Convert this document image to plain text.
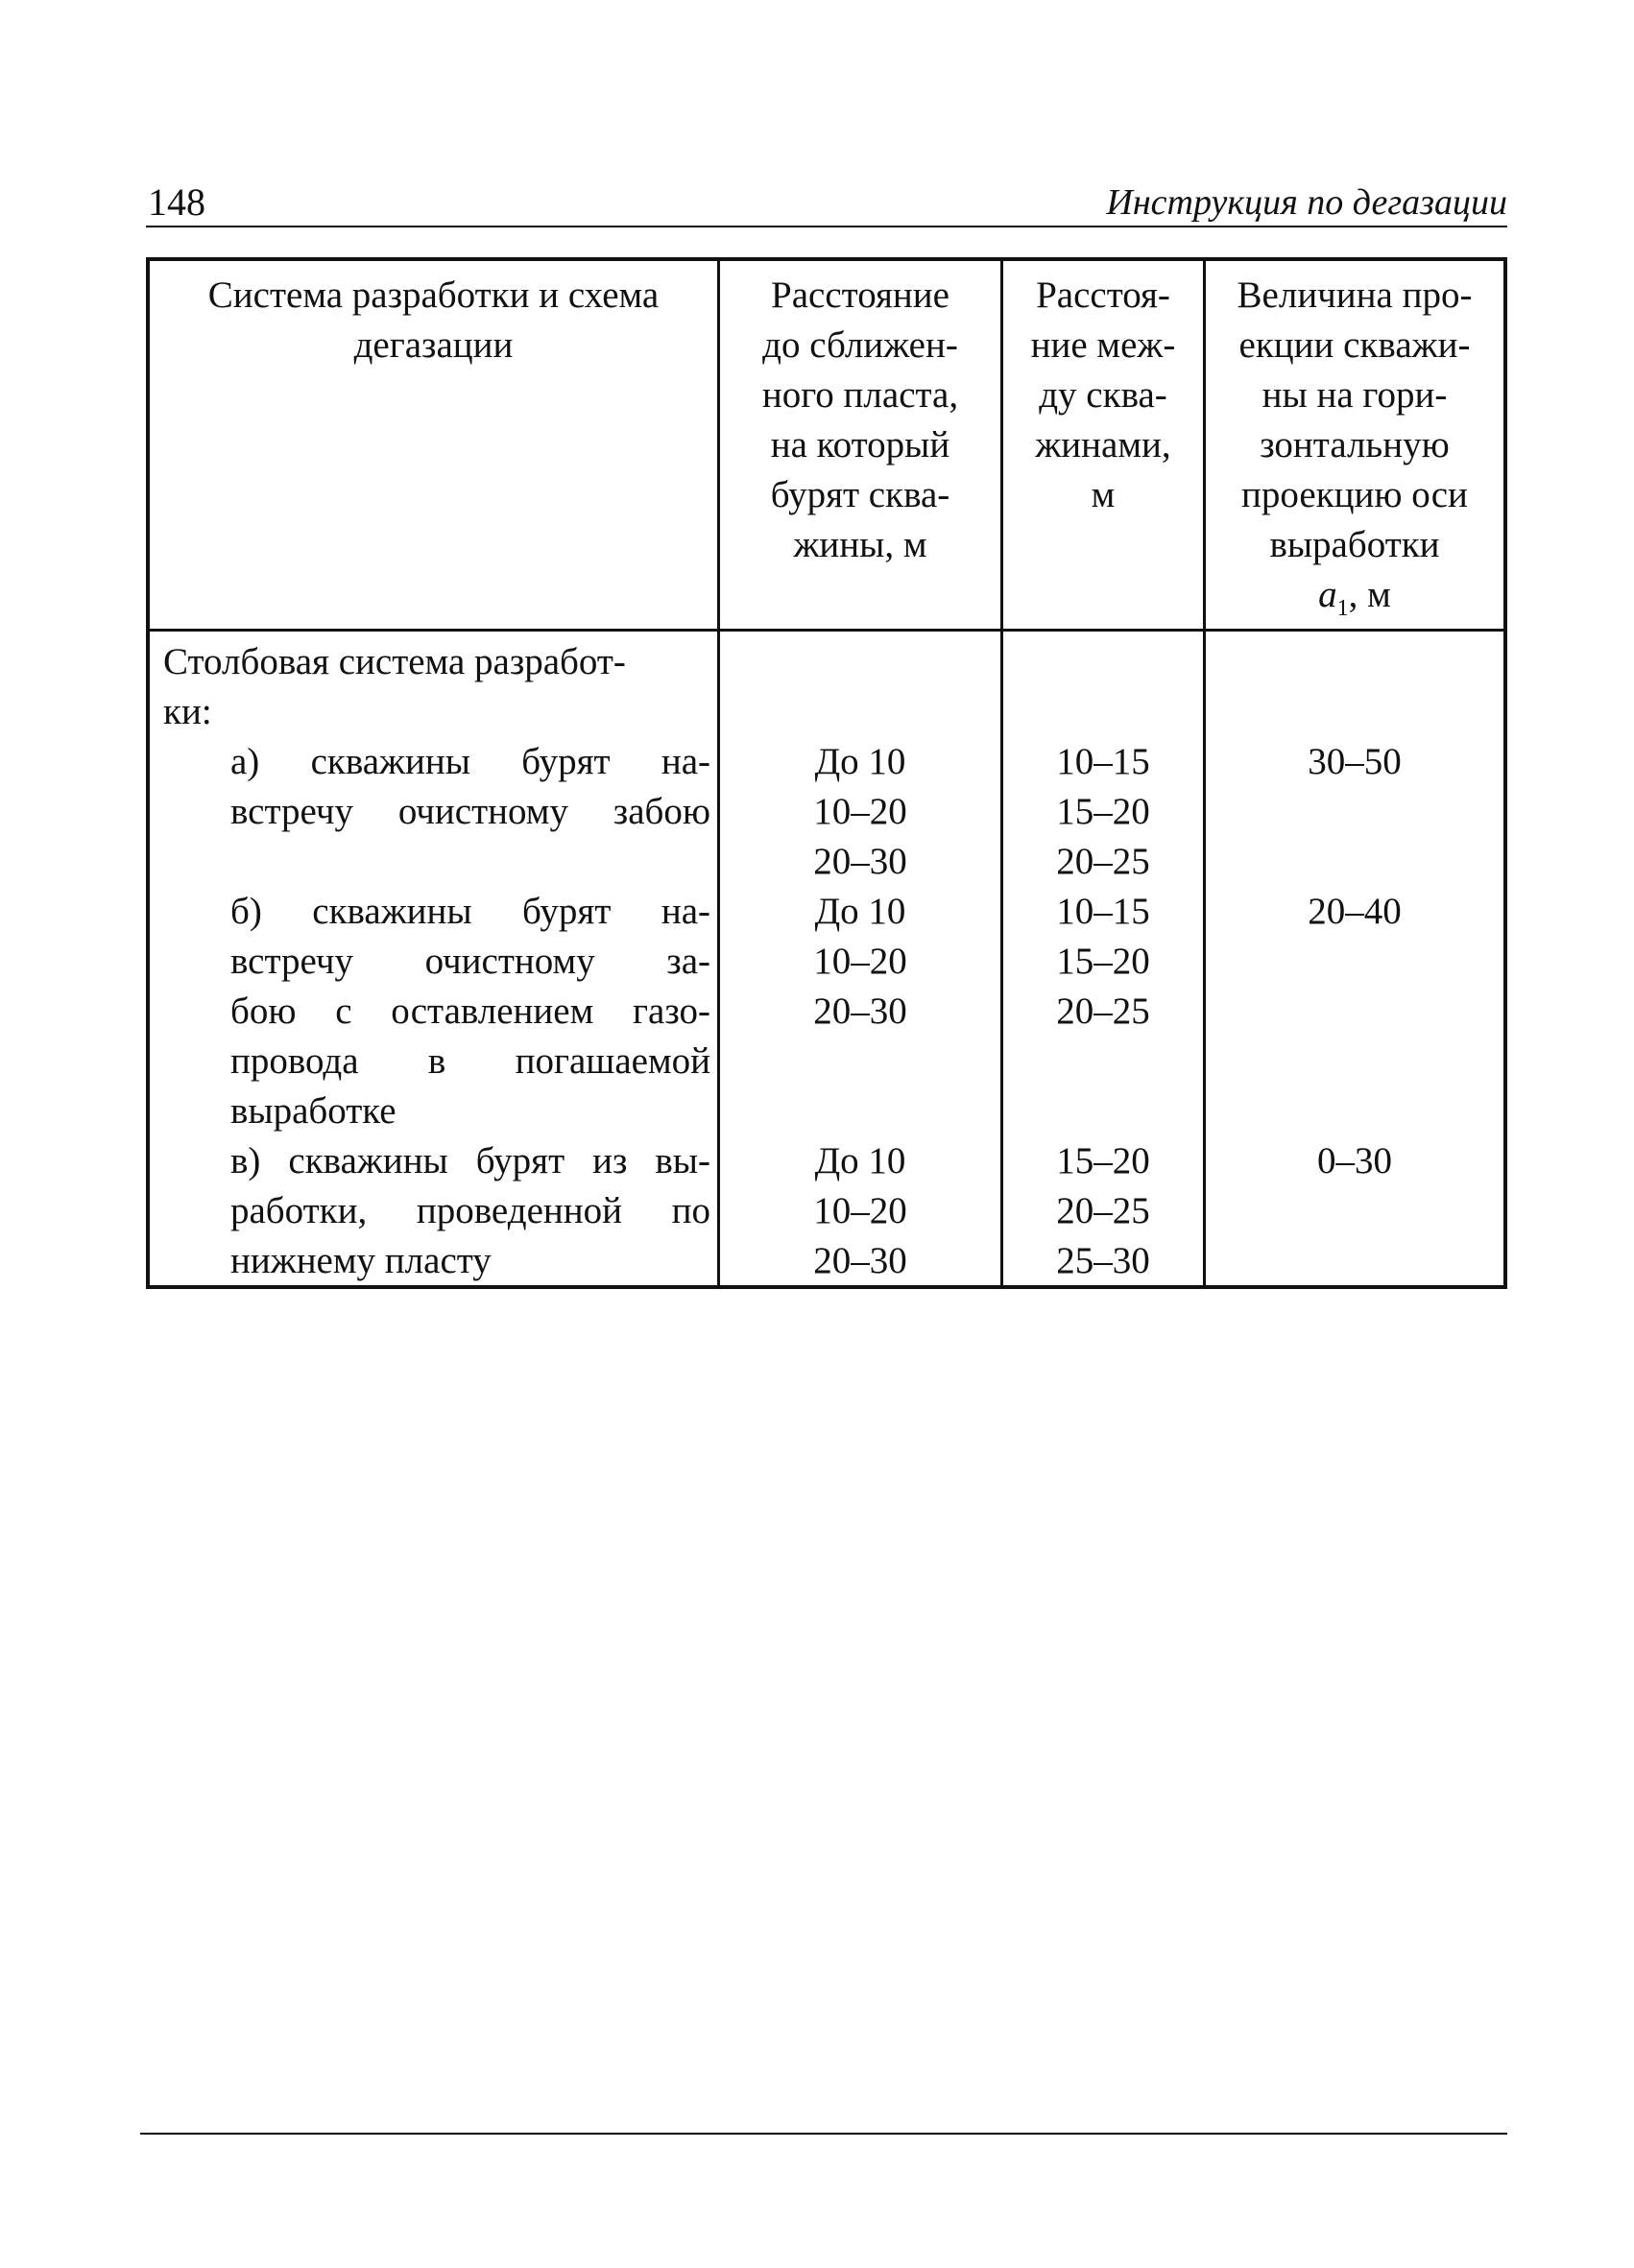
148	Инструкция по дегазации
Система разработки и схема
дегазации
Расстояние
до сближен-
ного пласта,
на который
бурят сква-
жины, м
Расстоя-
ние меж-
ду сква-
жинами,
м
Величина про-
екции скважи-
ны на гори-
зонтальную
проекцию оси
выработки
$a_1$, м
Столбовая система разработ-
ки:
а) скважины бурят на-
встречу очистному забою
До 10
10–20
20–30
10–15
15–20
20–25
30–50
б) скважины бурят на-
встречу очистному за-
бою с оставлением газо-
провода в погашаемой
выработке
До 10
10–20
20–30
10–15
15–20
20–25
20–40
в) скважины бурят из вы-
работки, проведенной по
нижнему пласту
До 10
10–20
20–30
15–20
20–25
25–30
0–30
